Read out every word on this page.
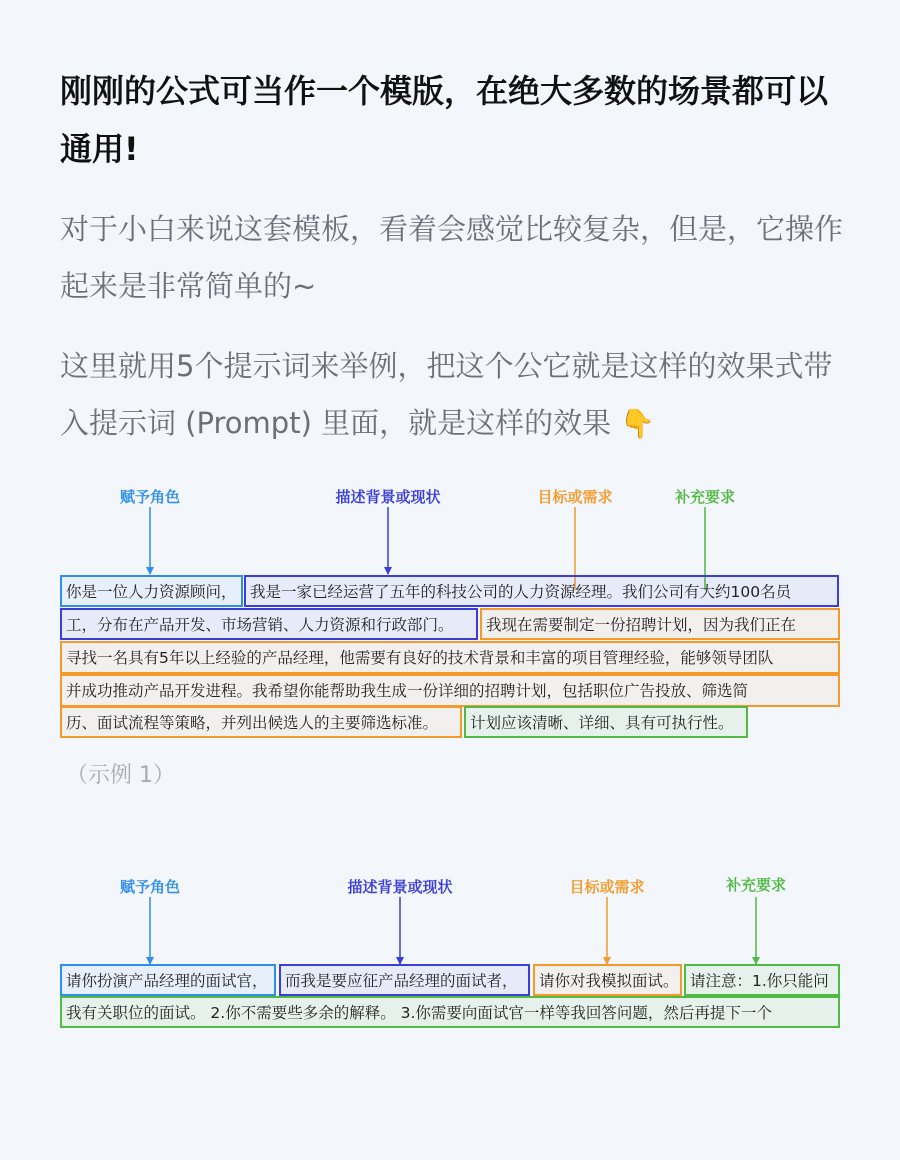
刚刚的公式可当作一个模版，在绝大多数的场景都可以通用!

对于小白来说这套模板，看着会感觉比较复杂，但是，它操作起来是非常简单的~

这里就用5个提示词来举例，把这个公它就是这样的效果式带入提示词 (Prompt) 里面，就是这样的效果 👇

赋予角色	描述背景或现状	目标或需求	补充要求
你是一位人力资源顾问， 我是一家已经运营了五年的科技公司的人力资源经理。我们公司有大约100名员
工，分布在产品开发、市场营销、人力资源和行政部门。	我现在需要制定一份招聘计划，因为我们正在
寻找一名具有5年以上经验的产品经理，他需要有良好的技术背景和丰富的项目管理经验，能够领导团队
并成功推动产品开发进程。我希望你能帮助我生成一份详细的招聘计划，包括职位广告投放、筛选简
历、面试流程等策略，并列出候选人的主要筛选标准。	计划应该清晰、详细、具有可执行性。
（示例 1）
赋予角色	描述背景或现状	目标或需求	补充要求
请你扮演产品经理的面试官，	而我是要应征产品经理的面试者，	请你对我模拟面试。 请注意：1.你只能问
我有关职位的面试。 2.你不需要些多余的解释。 3.你需要向面试官一样等我回答问题，然后再提下一个
